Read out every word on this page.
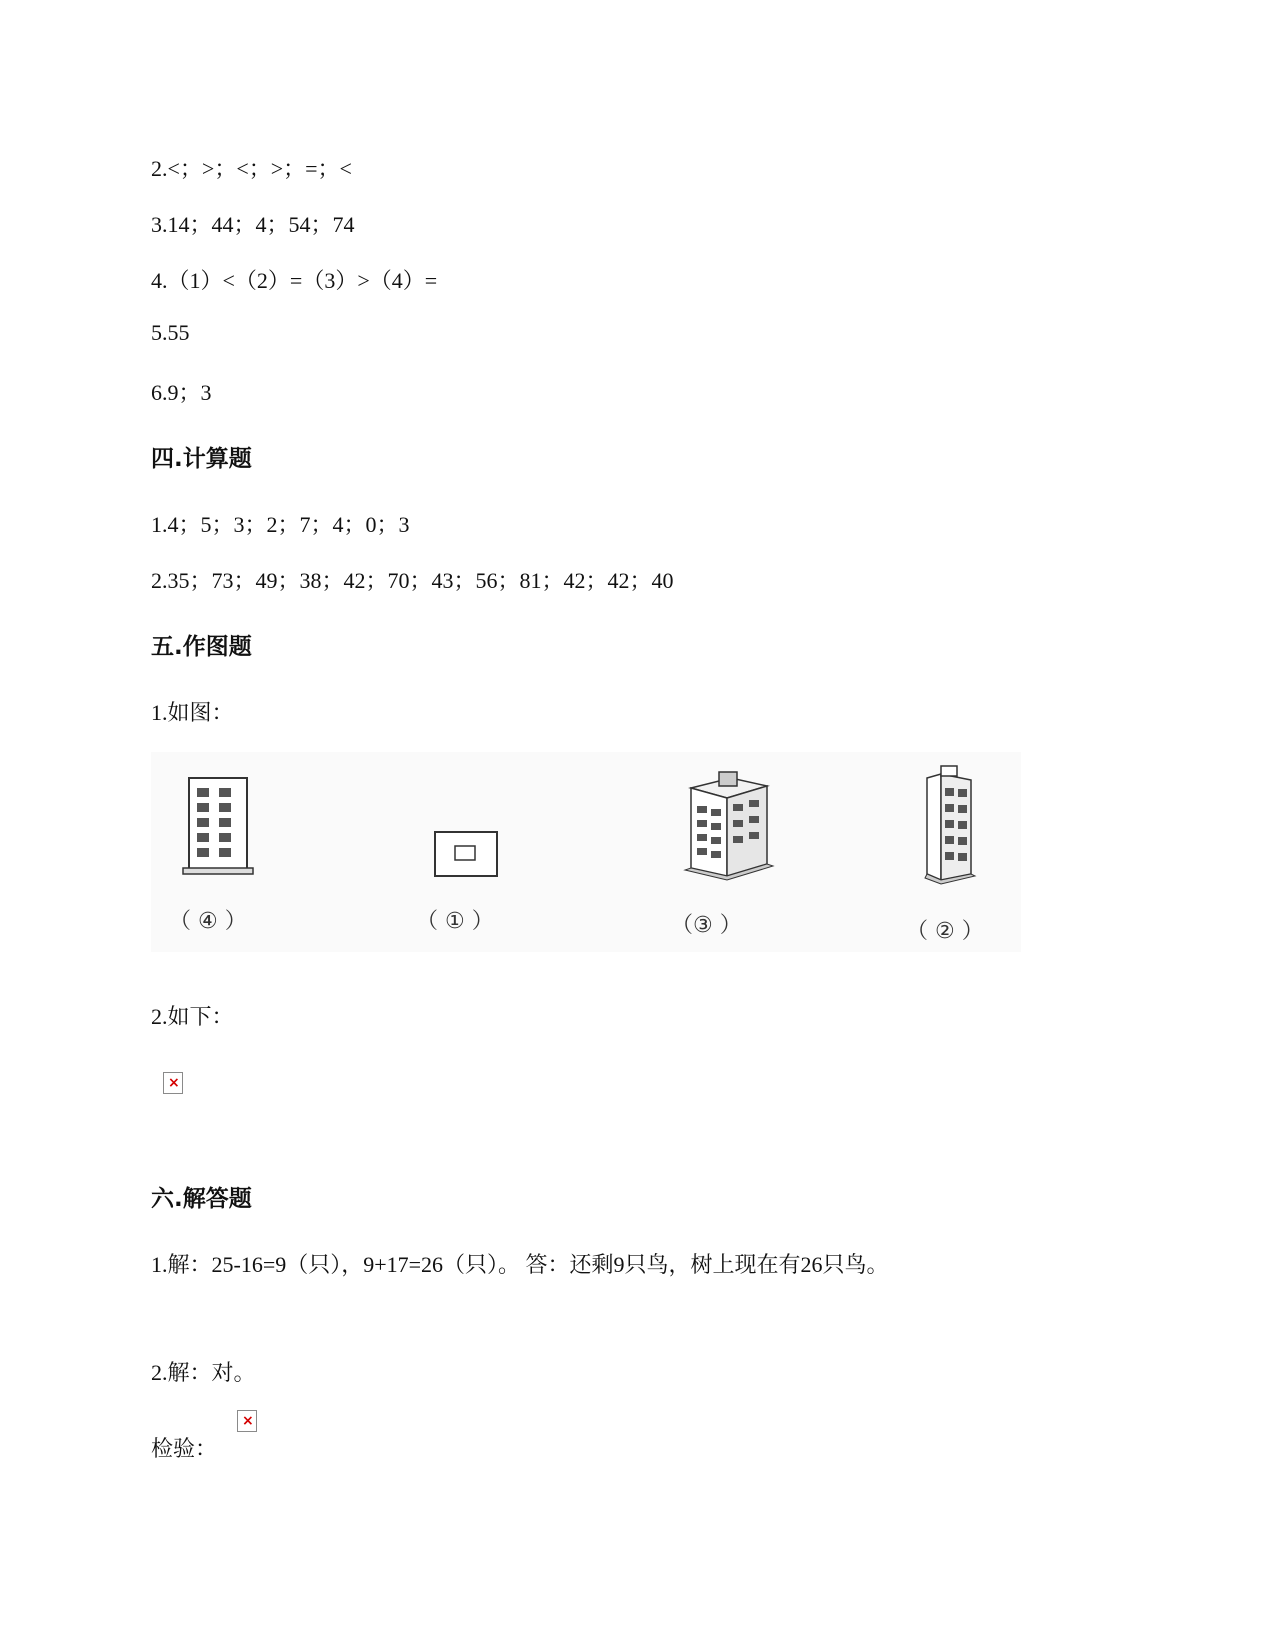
2.<；>；<；>；=；<
3.14；44；4；54；74
4.（1）<（2）=（3）>（4）=
5.55
6.9；3
四.计算题
1.4；5；3；2；7；4；0；3
2.35；73；49；38；42；70；43；56；81；42；42；40
五.作图题
1.如图：
（ ④ ）	（ ① ）	（③ ）	（ ② ）
2.如下：
×
六.解答题
1.解：25-16=9（只），9+17=26（只）。 答：还剩9只鸟，树上现在有26只鸟。
2.解：对。
检验：
×
